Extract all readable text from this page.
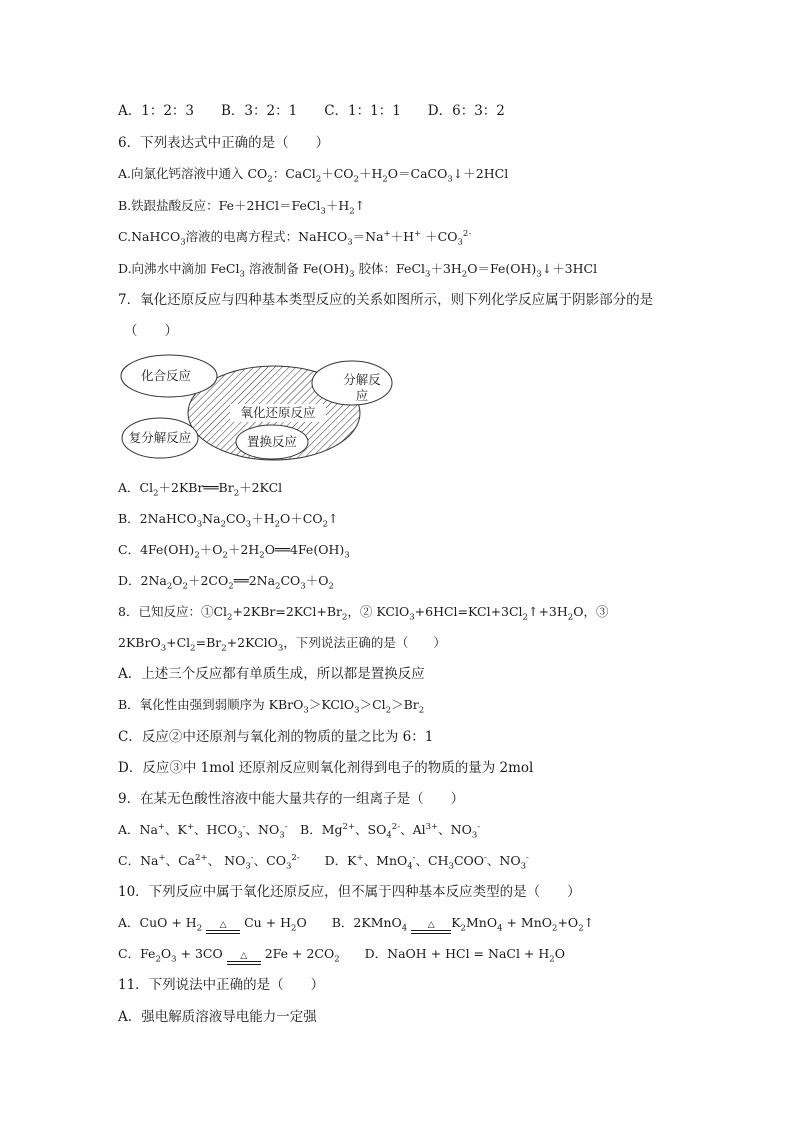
A．1：2：3　　B．3：2：1　　C．1：1：1　　D．6：3：2
6．下列表达式中正确的是（　　）
A.向氯化钙溶液中通入 $CO_2$：$CaCl_2+CO_2+H_2O=CaCO_3↓+2HCl$
B.铁跟盐酸反应：$Fe+2HCl=FeCl_3+H_2↑$
C.NaHCO$_3$溶液的电离方程式：NaHCO$_3$＝Na+＋H+ $+CO_3^{2-}$
D.向沸水中滴加 FeCl$_3$ 溶液制备 $Fe(OH)_3$ 胶体：$FeCl_3+3H_2O=Fe(OH)_3↓+3HCl$
7．氧化还原反应与四种基本类型反应的关系如图所示，则下列化学反应属于阴影部分的是
（　　）
氧化还原反应
化合反应	分解反
应
复分解反应	置换反应
A．$Cl_2+2KBr══Br_2+2KCl$
B．$2NaHCO_3Na_2CO_3+H_2O+CO_2↑$
C．$4Fe(OH)_2+O_2+2H_2O══4Fe(OH)_3$
D．$2Na_2O_2+2CO_2══2Na_2CO_3+O_2$
8．已知反应：$①Cl_2+2KBr=2KCl+Br_2$，② $KClO_3+6HCl=KCl+3Cl_2↑+3H_2O$，③
$2KBrO_3+Cl_2=Br_2+2KClO_3$，下列说法正确的是（　　）
A．上述三个反应都有单质生成，所以都是置换反应
B．氧化性由强到弱顺序为 $KBrO_3>KClO_3>Cl_2>Br_2$
C．反应②中还原剂与氧化剂的物质的量之比为 6：1
D．反应③中 1mol 还原剂反应则氧化剂得到电子的物质的量为 2mol
9．在某无色酸性溶液中能大量共存的一组离子是（　　）
A．Na+、K+、$HCO_3^-$、$NO_3^-$　B．$Mg^{2+}$、$SO_4^{2-}$、$Al^{3+}$、$NO_3^-$
C．Na+、$Ca^{2+}$、 $NO_3^-$、$CO_3^{2-}$　　D．K+、MnO$_4$-、$CH_3COO^-$、$NO_3^-$
10．下列反应中属于氧化还原反应，但不属于四种基本反应类型的是（　　）
A．CuO + $H_2$	△	$Cu + H_2O$　　B．2KMnO$_4$	△	$K_2MnO_4$ + $MnO_2+O_2↑$
C．$Fe_2O_3 + 3CO$	△	$2Fe + 2CO_2$　　D．NaOH + HCl = NaCl + $H_2O$
11．下列说法中正确的是（　　）
A．强电解质溶液导电能力一定强
